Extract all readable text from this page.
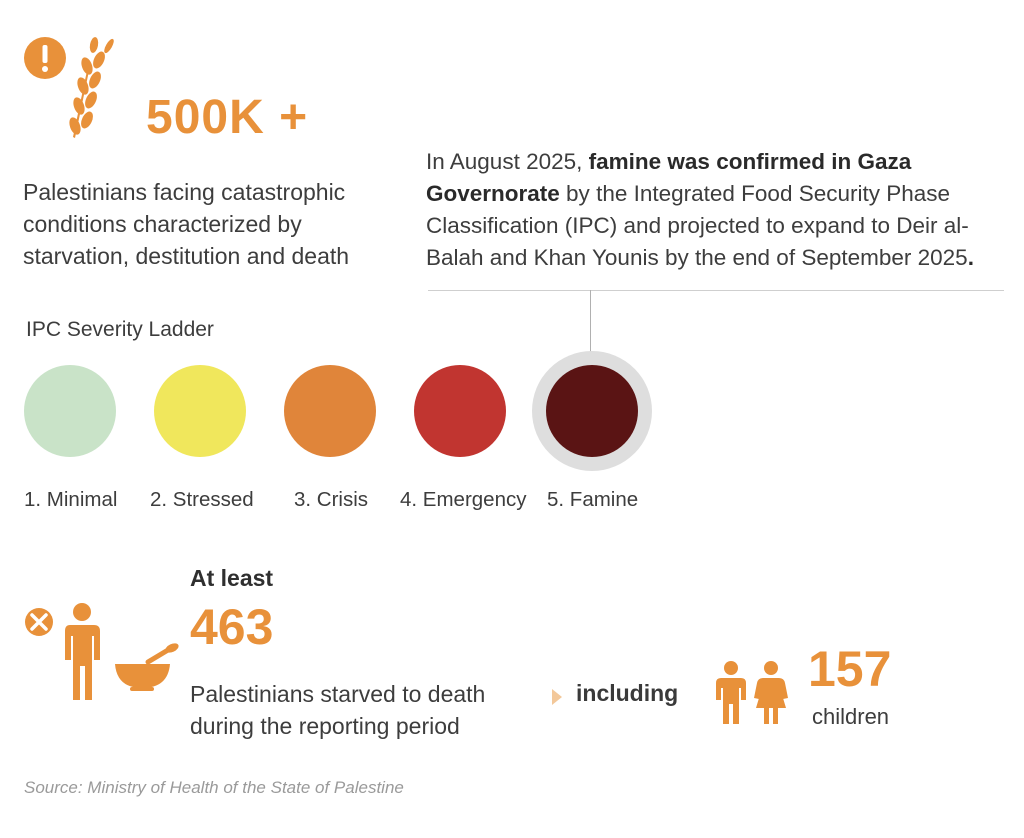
500K +
Palestinians facing catastrophic conditions characterized by starvation, destitution and death
In August 2025, famine was confirmed in Gaza Governorate by the Integrated Food Security Phase Classification (IPC) and projected to expand to Deir al-Balah and Khan Younis by the end of September 2025.
IPC Severity Ladder
1. Minimal 2. Stressed 3. Crisis 4. Emergency 5. Famine
At least
463
Palestinians starved to death during the reporting period
including	157
children
Source: Ministry of Health of the State of Palestine
